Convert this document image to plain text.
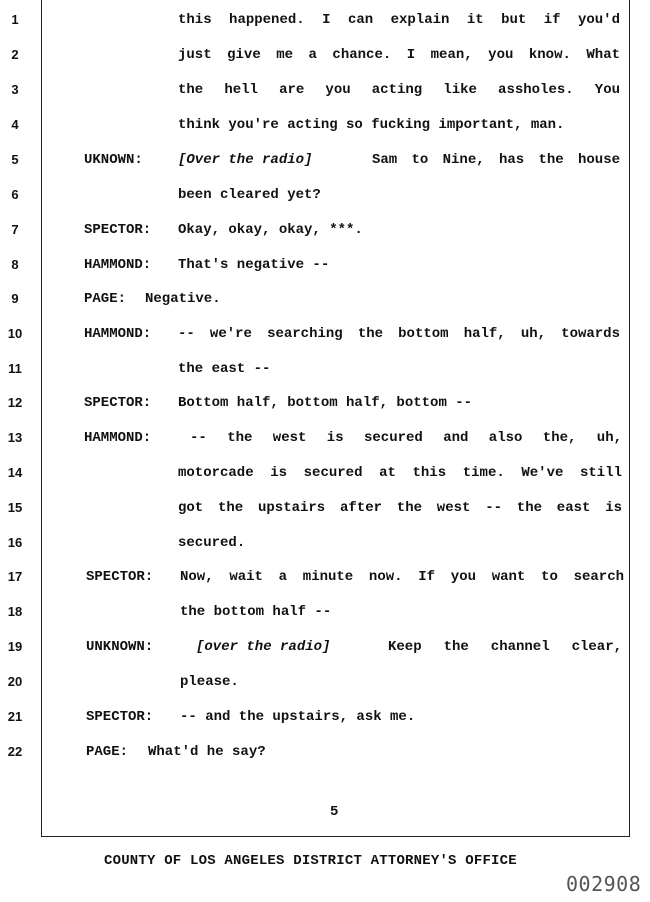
1	this happened. I can explain it but if you'd
2	just give me a chance. I mean, you know. What
3	the hell are you acting like assholes. You
4	think you're acting so fucking important, man.
5	UKNOWN:	[Over the radio]	Sam to Nine, has the house
6	been cleared yet?
7	SPECTOR: Okay, okay, okay, ***.
8	HAMMOND: That's negative --
9	PAGE: Negative.
10	HAMMOND: -- we're searching the bottom half, uh, towards
11	the east --
12	SPECTOR: Bottom half, bottom half, bottom --
13	HAMMOND:	-- the west is secured and also the, uh,
14	motorcade is secured at this time. We've still
15	got the upstairs after the west -- the east is
16	secured.
17	SPECTOR: Now, wait a minute now. If you want to search
18	the bottom half --
19	UNKNOWN:	[over the radio]	Keep the channel clear,
20	please.
21	SPECTOR: -- and the upstairs, ask me.
22	PAGE: What'd he say?
5
COUNTY OF LOS ANGELES DISTRICT ATTORNEY'S OFFICE
002908
